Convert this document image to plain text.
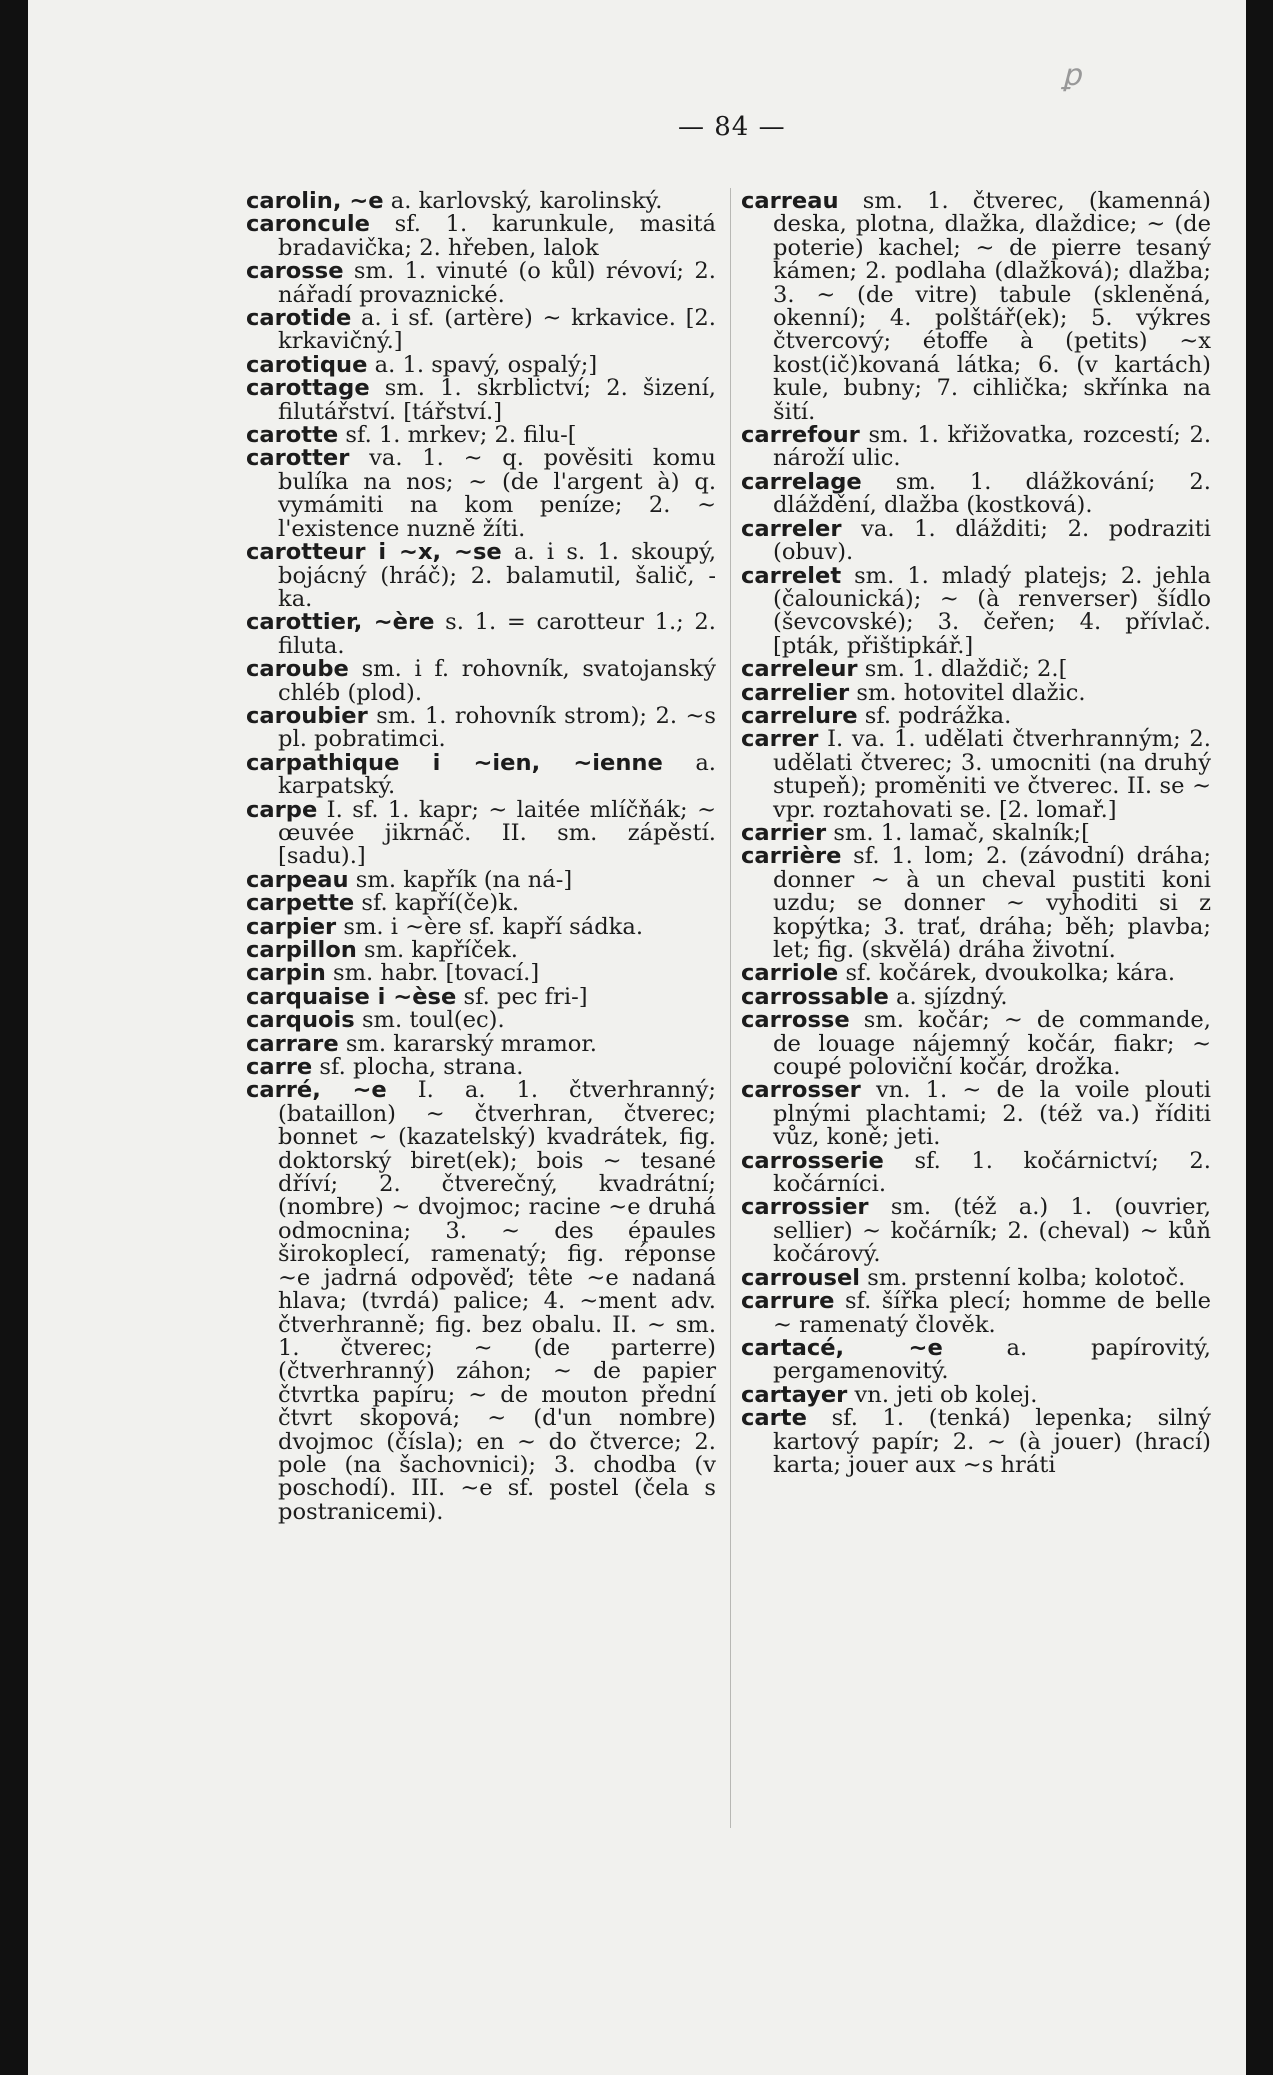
ꝑ
— 84 —

carolin, ~e a. karlovský, karolinský.

caroncule sf. 1. karunkule, masitá bradavička; 2. hřeben, lalok

carosse sm. 1. vinuté (o kůl) révoví; 2. nářadí provaznické.

carotide a. i sf. (artère) ~ krkavice. [2. krkavičný.]

carotique a. 1. spavý, ospalý;]

carottage sm. 1. skrblictví; 2. šizení, filutářství. [tářství.]

carotte sf. 1. mrkev; 2. filu-[

carotter va. 1. ~ q. pověsiti komu bulíka na nos; ~ (de l'argent à) q. vymámiti na kom peníze; 2. ~ l'existence nuzně žíti.

carotteur i ~x, ~se a. i s. 1. skoupý, bojácný (hráč); 2. balamutil, šalič, -ka.

carottier, ~ère s. 1. = carotteur 1.; 2. filuta.

caroube sm. i f. rohovník, svatojanský chléb (plod).

caroubier sm. 1. rohovník strom); 2. ~s pl. pobratimci.

carpathique i ~ien, ~ienne a. karpatský.

carpe I. sf. 1. kapr; ~ laitée mlíčňák; ~ œuvée jikrnáč. II. sm. zápěstí. [sadu).]

carpeau sm. kapřík (na ná-]

carpette sf. kapří(če)k.

carpier sm. i ~ère sf. kapří sádka.

carpillon sm. kapříček.

carpin sm. habr. [tovací.]

carquaise i ~èse sf. pec fri-]

carquois sm. toul(ec).

carrare sm. kararský mramor.

carre sf. plocha, strana.

carré, ~e I. a. 1. čtverhranný; (bataillon) ~ čtverhran, čtverec; bonnet ~ (kazatelský) kvadrátek, fig. doktorský biret(ek); bois ~ tesané dříví; 2. čtverečný, kvadrátní; (nombre) ~ dvojmoc; racine ~e druhá odmocnina; 3. ~ des épaules širokoplecí, ramenatý; fig. réponse ~e jadrná odpověď; tête ~e nadaná hlava; (tvrdá) palice; 4. ~ment adv. čtverhranně; fig. bez obalu. II. ~ sm. 1. čtverec; ~ (de parterre) (čtverhranný) záhon; ~ de papier čtvrtka papíru; ~ de mouton přední čtvrt skopová; ~ (d'un nombre) dvojmoc (čísla); en ~ do čtverce; 2. pole (na šachovnici); 3. chodba (v poschodí). III. ~e sf. postel (čela s postranicemi).

carreau sm. 1. čtverec, (kamenná) deska, plotna, dlažka, dlaždice; ~ (de poterie) kachel; ~ de pierre tesaný kámen; 2. podlaha (dlažková); dlažba; 3. ~ (de vitre) tabule (skleněná, okenní); 4. polštář(ek); 5. výkres čtvercový; étoffe à (petits) ~x kost(ič)kovaná látka; 6. (v kartách) kule, bubny; 7. cihlička; skřínka na šití.

carrefour sm. 1. křižovatka, rozcestí; 2. nároží ulic.

carrelage sm. 1. dlážkování; 2. dláždění, dlažba (kostková).

carreler va. 1. dlážditi; 2. podraziti (obuv).

carrelet sm. 1. mladý platejs; 2. jehla (čalounická); ~ (à renverser) šídlo (ševcovské); 3. čeřen; 4. přívlač. [pták, přištipkář.]

carreleur sm. 1. dlaždič; 2.[

carrelier sm. hotovitel dlažic.

carrelure sf. podrážka.

carrer I. va. 1. udělati čtverhranným; 2. udělati čtverec; 3. umocniti (na druhý stupeň); proměniti ve čtverec. II. se ~ vpr. roztahovati se. [2. lomař.]

carrier sm. 1. lamač, skalník;[

carrière sf. 1. lom; 2. (závodní) dráha; donner ~ à un cheval pustiti koni uzdu; se donner ~ vyhoditi si z kopýtka; 3. trať, dráha; běh; plavba; let; fig. (skvělá) dráha životní.

carriole sf. kočárek, dvoukolka; kára.

carrossable a. sjízdný.

carrosse sm. kočár; ~ de commande, de louage nájemný kočár, fiakr; ~ coupé poloviční kočár, drožka.

carrosser vn. 1. ~ de la voile plouti plnými plachtami; 2. (též va.) říditi vůz, koně; jeti.

carrosserie sf. 1. kočárnictví; 2. kočárníci.

carrossier sm. (též a.) 1. (ouvrier, sellier) ~ kočárník; 2. (cheval) ~ kůň kočárový.

carrousel sm. prstenní kolba; kolotoč.

carrure sf. šířka plecí; homme de belle ~ ramenatý člověk.

cartacé, ~e a. papírovitý, pergamenovitý.

cartayer vn. jeti ob kolej.

carte sf. 1. (tenká) lepenka; silný kartový papír; 2. ~ (à jouer) (hrací) karta; jouer aux ~s hráti
